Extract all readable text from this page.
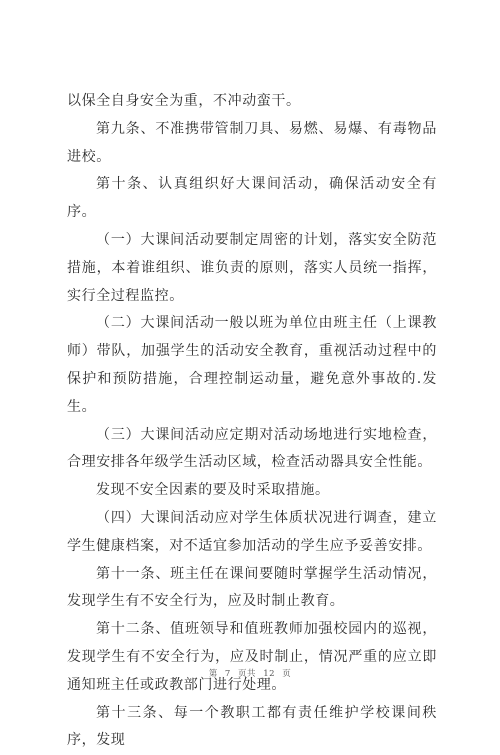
以保全自身安全为重，不冲动蛮干。

第九条、不准携带管制刀具、易燃、易爆、有毒物品进校。

第十条、认真组织好大课间活动，确保活动安全有序。

（一）大课间活动要制定周密的计划，落实安全防范措施，本着谁组织、谁负责的原则，落实人员统一指挥，实行全过程监控。

（二）大课间活动一般以班为单位由班主任（上课教师）带队，加强学生的活动安全教育，重视活动过程中的保护和预防措施，合理控制运动量，避免意外事故的.发生。

（三）大课间活动应定期对活动场地进行实地检查，合理安排各年级学生活动区域，检查活动器具安全性能。

发现不安全因素的要及时采取措施。

（四）大课间活动应对学生体质状况进行调查，建立学生健康档案，对不适宜参加活动的学生应予妥善安排。

第十一条、班主任在课间要随时掌握学生活动情况，发现学生有不安全行为，应及时制止教育。

第十二条、值班领导和值班教师加强校园内的巡视，发现学生有不安全行为，应及时制止，情况严重的应立即通知班主任或政教部门进行处理。

第十三条、每一个教职工都有责任维护学校课间秩序，发现

第 7 页共 12 页
